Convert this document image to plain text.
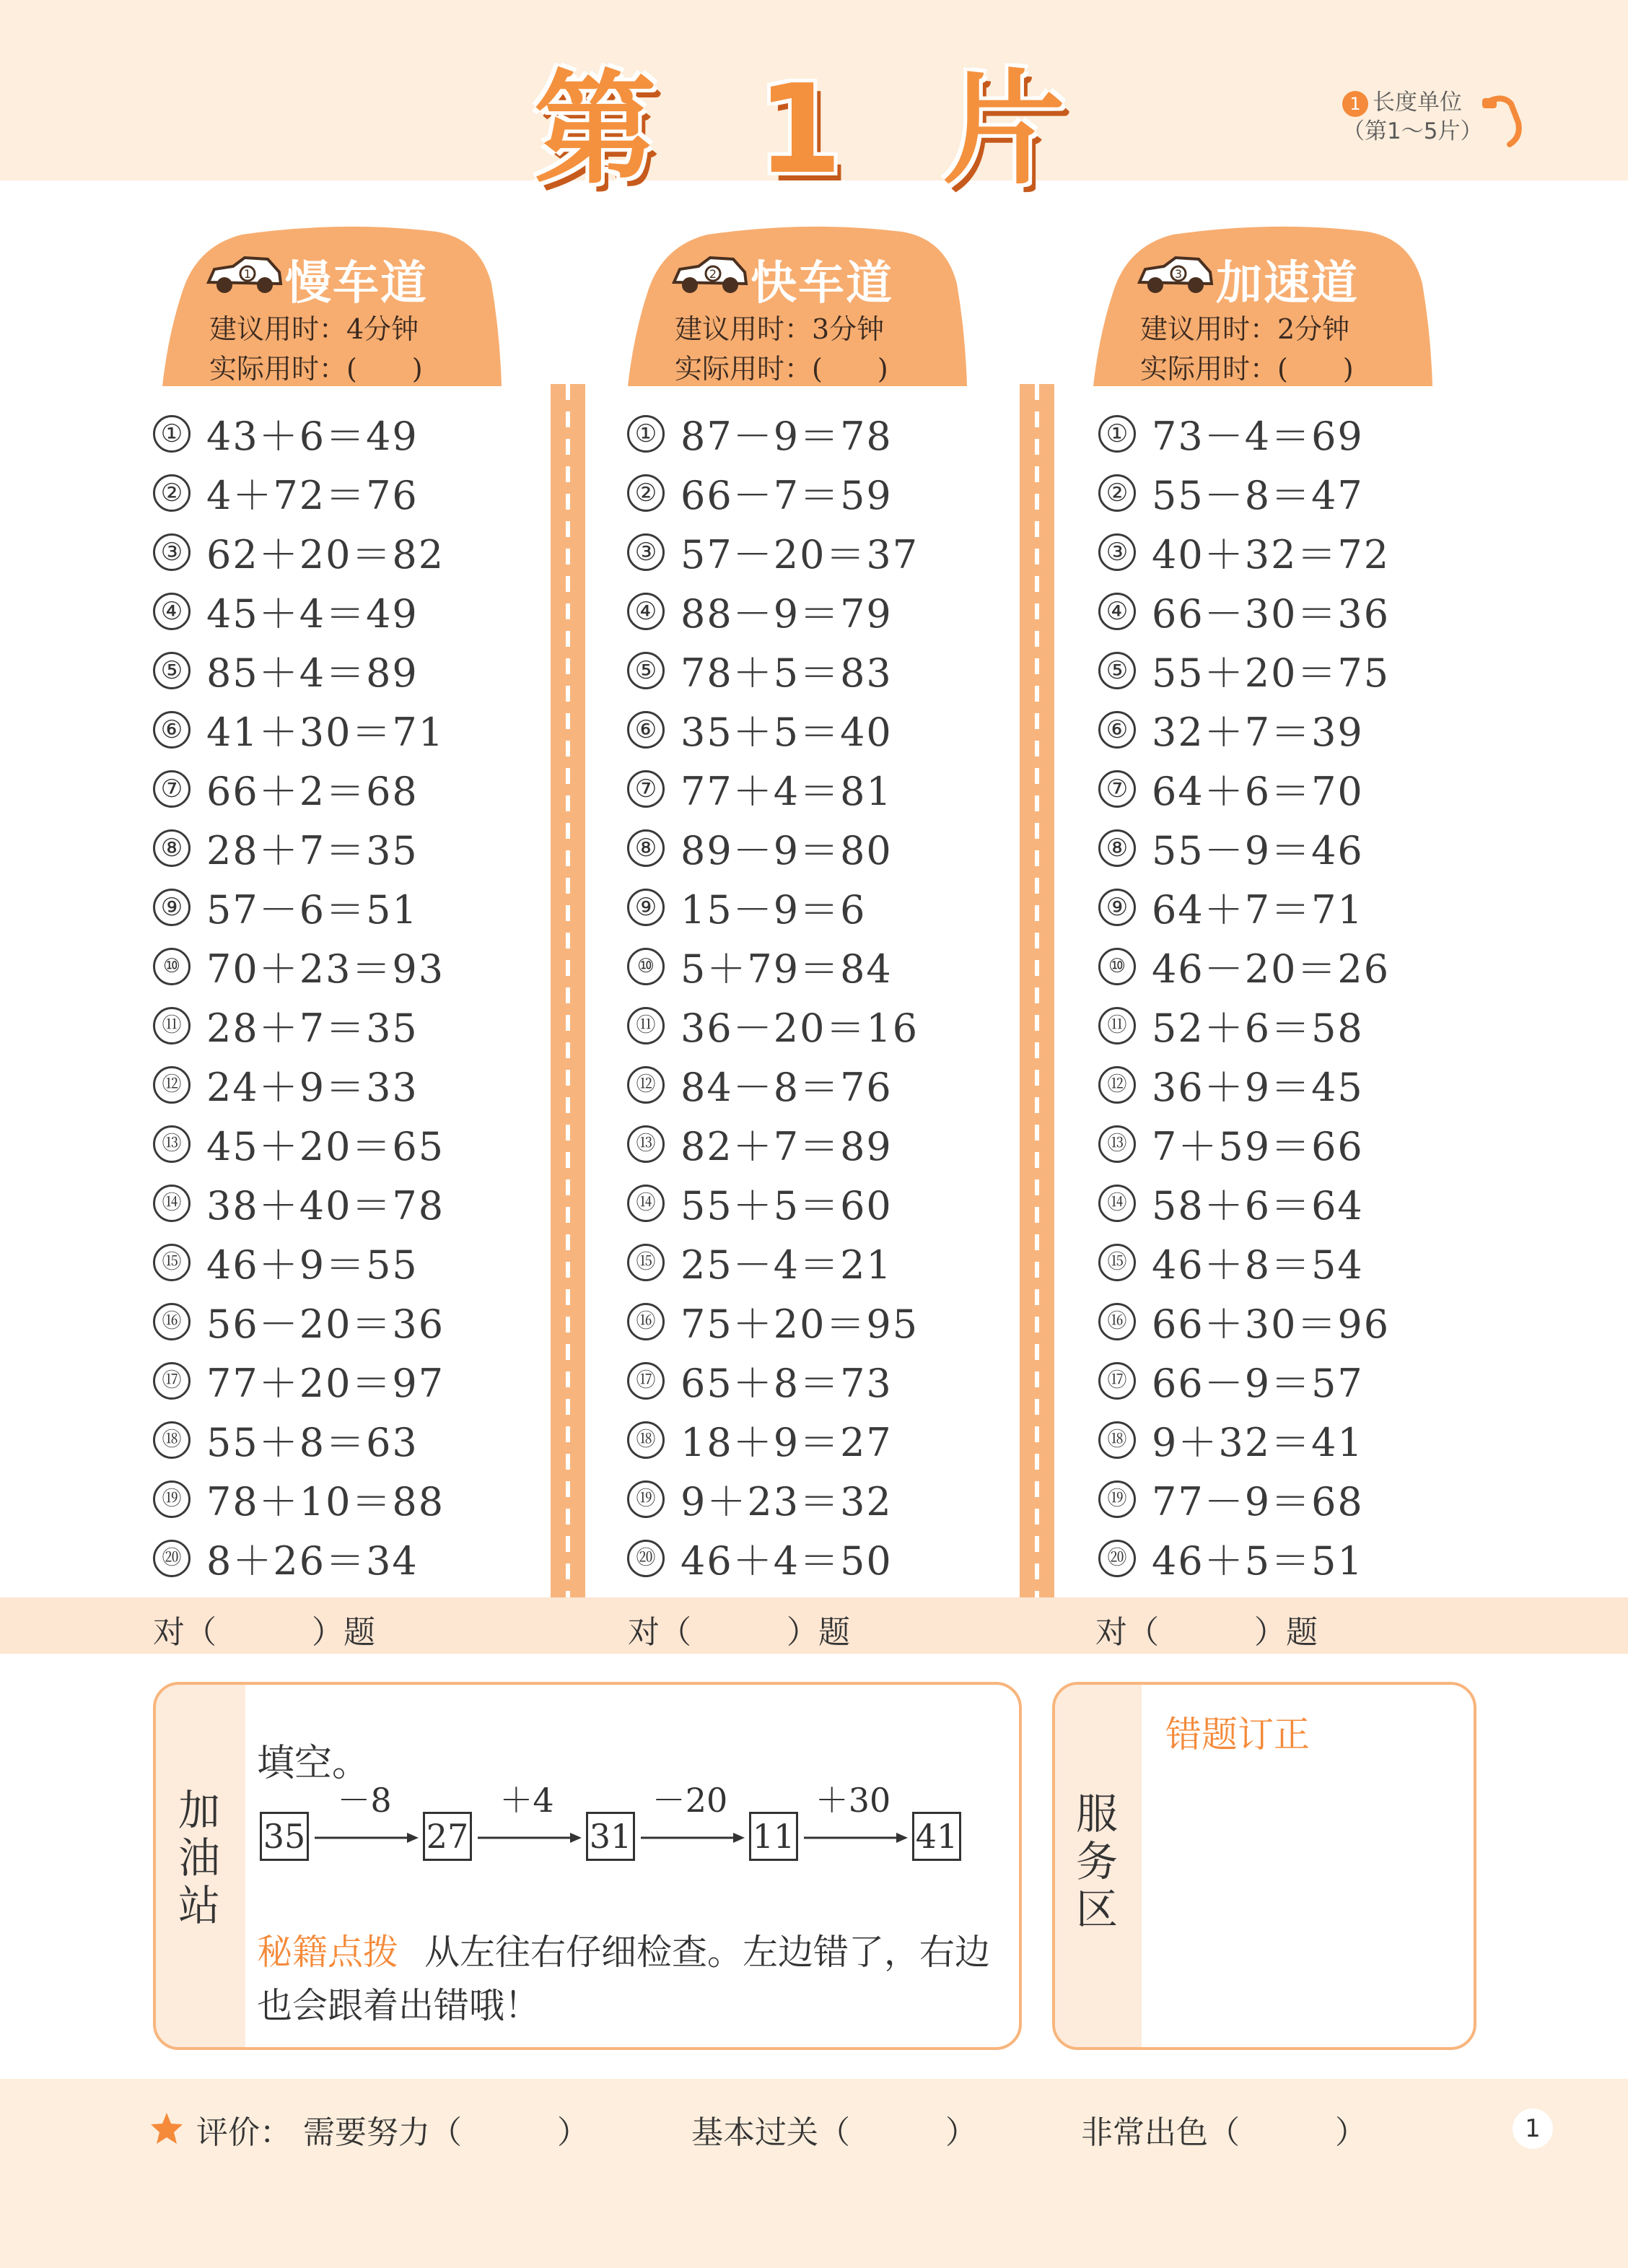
第 1 片	1 长度单位
（第1～5片）
1 慢车道
建议用时：4分钟
实际用时：(　　)
2 快车道
建议用时：3分钟
实际用时：(　　)
3 加速道
建议用时：2分钟
实际用时：(　　)
① 43＋6＝49
② 4＋72＝76
③ 62＋20＝82
④ 45＋4＝49
⑤ 85＋4＝89
⑥ 41＋30＝71
⑦ 66＋2＝68
⑧ 28＋7＝35
⑨ 57－6＝51
⑩ 70＋23＝93
⑪ 28＋7＝35
⑫ 24＋9＝33
⑬ 45＋20＝65
⑭ 38＋40＝78
⑮ 46＋9＝55
⑯ 56－20＝36
⑰ 77＋20＝97
⑱ 55＋8＝63
⑲ 78＋10＝88
⑳ 8＋26＝34
① 87－9＝78
② 66－7＝59
③ 57－20＝37
④ 88－9＝79
⑤ 78＋5＝83
⑥ 35＋5＝40
⑦ 77＋4＝81
⑧ 89－9＝80
⑨ 15－9＝6
⑩ 5＋79＝84
⑪ 36－20＝16
⑫ 84－8＝76
⑬ 82＋7＝89
⑭ 55＋5＝60
⑮ 25－4＝21
⑯ 75＋20＝95
⑰ 65＋8＝73
⑱ 18＋9＝27
⑲ 9＋23＝32
⑳ 46＋4＝50
① 73－4＝69
② 55－8＝47
③ 40＋32＝72
④ 66－30＝36
⑤ 55＋20＝75
⑥ 32＋7＝39
⑦ 64＋6＝70
⑧ 55－9＝46
⑨ 64＋7＝71
⑩ 46－20＝26
⑪ 52＋6＝58
⑫ 36＋9＝45
⑬ 7＋59＝66
⑭ 58＋6＝64
⑮ 46＋8＝54
⑯ 66＋30＝96
⑰ 66－9＝57
⑱ 9＋32＝41
⑲ 77－9＝68
⑳ 46＋5＝51
对（　　　）题	对（　　　）题	对（　　　）题
加油站
填空。
35
－8
27
＋4
31
－20
11
＋30
41
秘籍点拨 从左往右仔细检查。左边错了，右边也会跟着出错哦！
服务区
错题订正
评价： 需要努力（　　　）	基本过关（　　　）	非常出色（　　　）	1
